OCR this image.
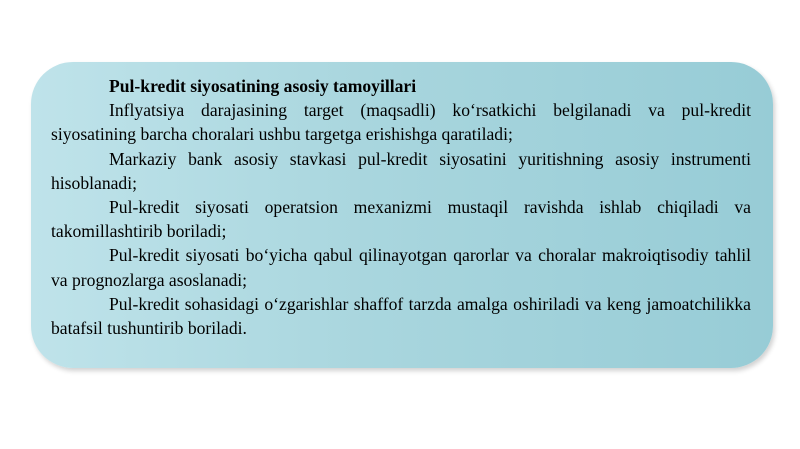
Pul-kredit siyosatining asosiy tamoyillari

Inflyatsiya darajasining target (maqsadli) ko‘rsatkichi belgilanadi va pul-kredit siyosatining barcha choralari ushbu targetga erishishga qaratiladi;

Markaziy bank asosiy stavkasi pul-kredit siyosatini yuritishning asosiy instrumenti hisoblanadi;

Pul-kredit siyosati operatsion mexanizmi mustaqil ravishda ishlab chiqiladi va takomillashtirib boriladi;

Pul-kredit siyosati bo‘yicha qabul qilinayotgan qarorlar va choralar makroiqtisodiy tahlil va prognozlarga asoslanadi;

Pul-kredit sohasidagi o‘zgarishlar shaffof tarzda amalga oshiriladi va keng jamoatchilikka batafsil tushuntirib boriladi.
